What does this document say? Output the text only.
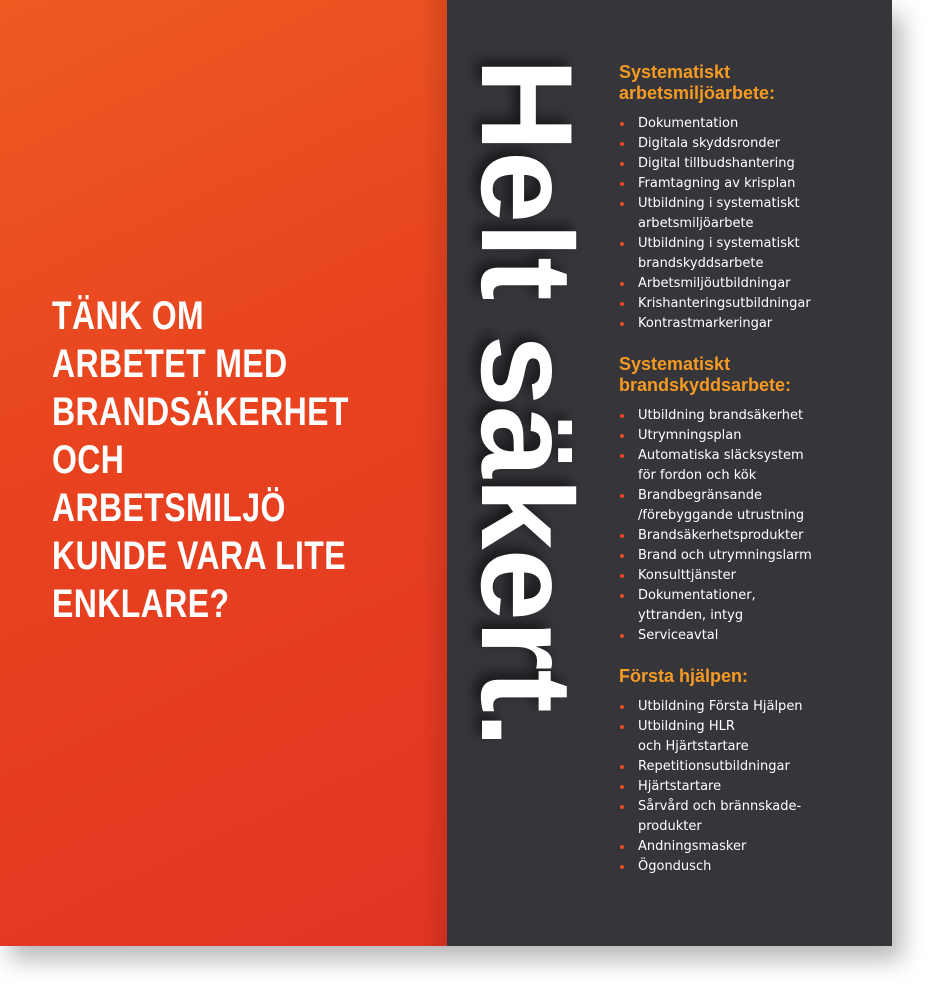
TÄNK OM
ARBETET MED
BRANDSÄKERHET
OCH ARBETSMILJÖ
KUNDE VARA LITE
ENKLARE?	Helt säkert. Systematiskt
arbetsmiljöarbete:
Dokumentation
Digitala skyddsronder
Digital tillbudshantering
Framtagning av krisplan
Utbildning i systematiskt
arbetsmiljöarbete
Utbildning i systematiskt
brandskyddsarbete
Arbetsmiljöutbildningar
Krishanteringsutbildningar
Kontrastmarkeringar
Systematiskt
brandskyddsarbete:
Utbildning brandsäkerhet
Utrymningsplan
Automatiska släcksystem
för fordon och kök
Brandbegränsande
/förebyggande utrustning
Brandsäkerhetsprodukter
Brand och utrymningslarm
Konsulttjänster
Dokumentationer,
yttranden, intyg
Serviceavtal
Första hjälpen:
Utbildning Första Hjälpen
Utbildning HLR
och Hjärtstartare
Repetitionsutbildningar
Hjärtstartare
Sårvård och brännskade-
produkter
Andningsmasker
Ögondusch
